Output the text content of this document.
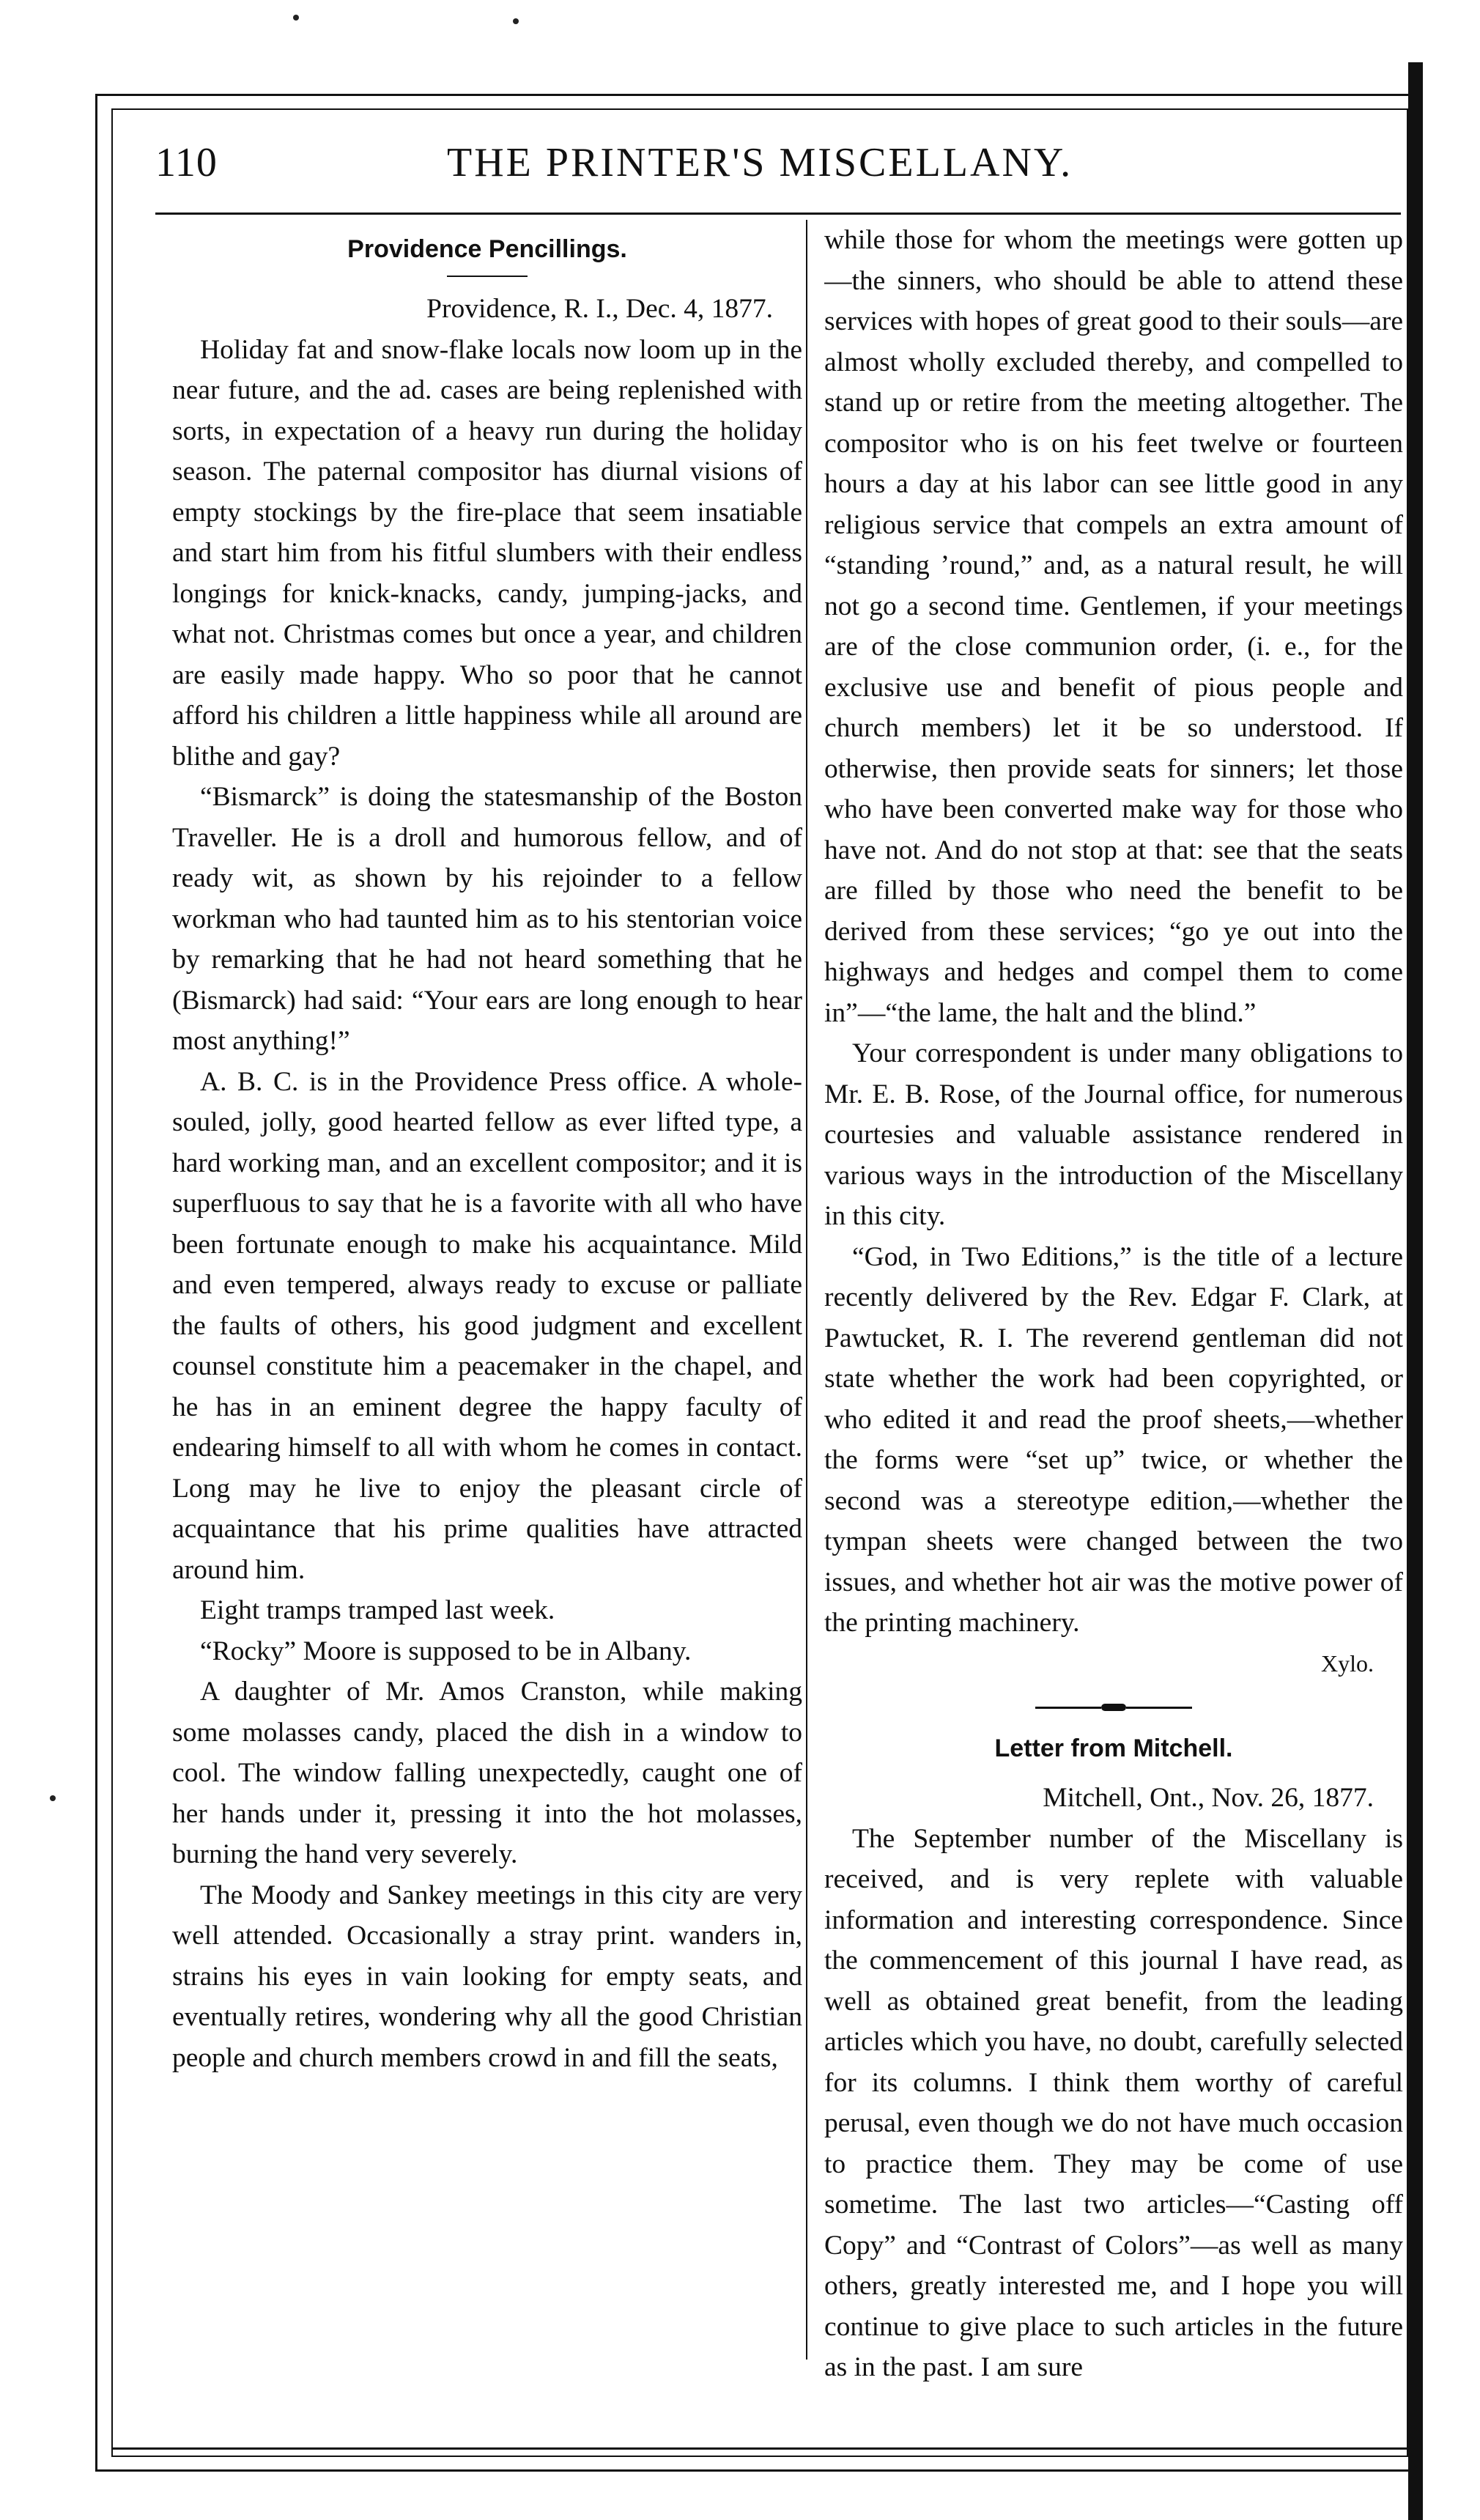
110	THE PRINTER'S MISCELLANY.
Providence Pencillings.

Providence, R. I., Dec. 4, 1877.

Holiday fat and snow-flake locals now loom up in the near future, and the ad. cases are being replenished with sorts, in expectation of a heavy run during the holiday season. The paternal compositor has diurnal visions of empty stockings by the fire-place that seem insatiable and start him from his fitful slumbers with their endless longings for knick-knacks, candy, jumping-jacks, and what not. Christmas comes but once a year, and children are easily made happy. Who so poor that he cannot afford his children a little happiness while all around are blithe and gay?

“Bismarck” is doing the statesmanship of the Boston Traveller. He is a droll and humorous fellow, and of ready wit, as shown by his rejoinder to a fellow workman who had taunted him as to his stentorian voice by remarking that he had not heard something that he (Bismarck) had said: “Your ears are long enough to hear most anything!”

A. B. C. is in the Providence Press office. A whole-souled, jolly, good hearted fellow as ever lifted type, a hard working man, and an excellent compositor; and it is superfluous to say that he is a favorite with all who have been fortunate enough to make his acquaintance. Mild and even tempered, always ready to excuse or palliate the faults of others, his good judgment and excellent counsel constitute him a peacemaker in the chapel, and he has in an eminent degree the happy faculty of endearing himself to all with whom he comes in contact. Long may he live to enjoy the pleasant circle of acquaintance that his prime qualities have attracted around him.

Eight tramps tramped last week.

“Rocky” Moore is supposed to be in Albany.

A daughter of Mr. Amos Cranston, while making some molasses candy, placed the dish in a window to cool. The window falling unexpectedly, caught one of her hands under it, pressing it into the hot molasses, burning the hand very severely.

The Moody and Sankey meetings in this city are very well attended. Occasionally a stray print. wanders in, strains his eyes in vain looking for empty seats, and eventually retires, wondering why all the good Christian people and church members crowd in and fill the seats,

while those for whom the meetings were gotten up—the sinners, who should be able to attend these services with hopes of great good to their souls—are almost wholly excluded thereby, and compelled to stand up or retire from the meeting altogether. The compositor who is on his feet twelve or fourteen hours a day at his labor can see little good in any religious service that compels an extra amount of “standing ’round,” and, as a natural result, he will not go a second time. Gentlemen, if your meetings are of the close communion order, (i. e., for the exclusive use and benefit of pious people and church members) let it be so understood. If otherwise, then provide seats for sinners; let those who have been converted make way for those who have not. And do not stop at that: see that the seats are filled by those who need the benefit to be derived from these services; “go ye out into the highways and hedges and compel them to come in”—“the lame, the halt and the blind.”

Your correspondent is under many obligations to Mr. E. B. Rose, of the Journal office, for numerous courtesies and valuable assistance rendered in various ways in the introduction of the Miscellany in this city.

“God, in Two Editions,” is the title of a lecture recently delivered by the Rev. Edgar F. Clark, at Pawtucket, R. I. The reverend gentleman did not state whether the work had been copyrighted, or who edited it and read the proof sheets,—whether the forms were “set up” twice, or whether the second was a stereotype edition,—whether the tympan sheets were changed between the two issues, and whether hot air was the motive power of the printing machinery.

Xylo.

Letter from Mitchell.

Mitchell, Ont., Nov. 26, 1877.

The September number of the Miscellany is received, and is very replete with valuable information and interesting correspondence. Since the commencement of this journal I have read, as well as obtained great benefit, from the leading articles which you have, no doubt, carefully selected for its columns. I think them worthy of careful perusal, even though we do not have much occasion to practice them. They may be come of use sometime. The last two articles—“Casting off Copy” and “Contrast of Colors”—as well as many others, greatly interested me, and I hope you will continue to give place to such articles in the future as in the past. I am sure
